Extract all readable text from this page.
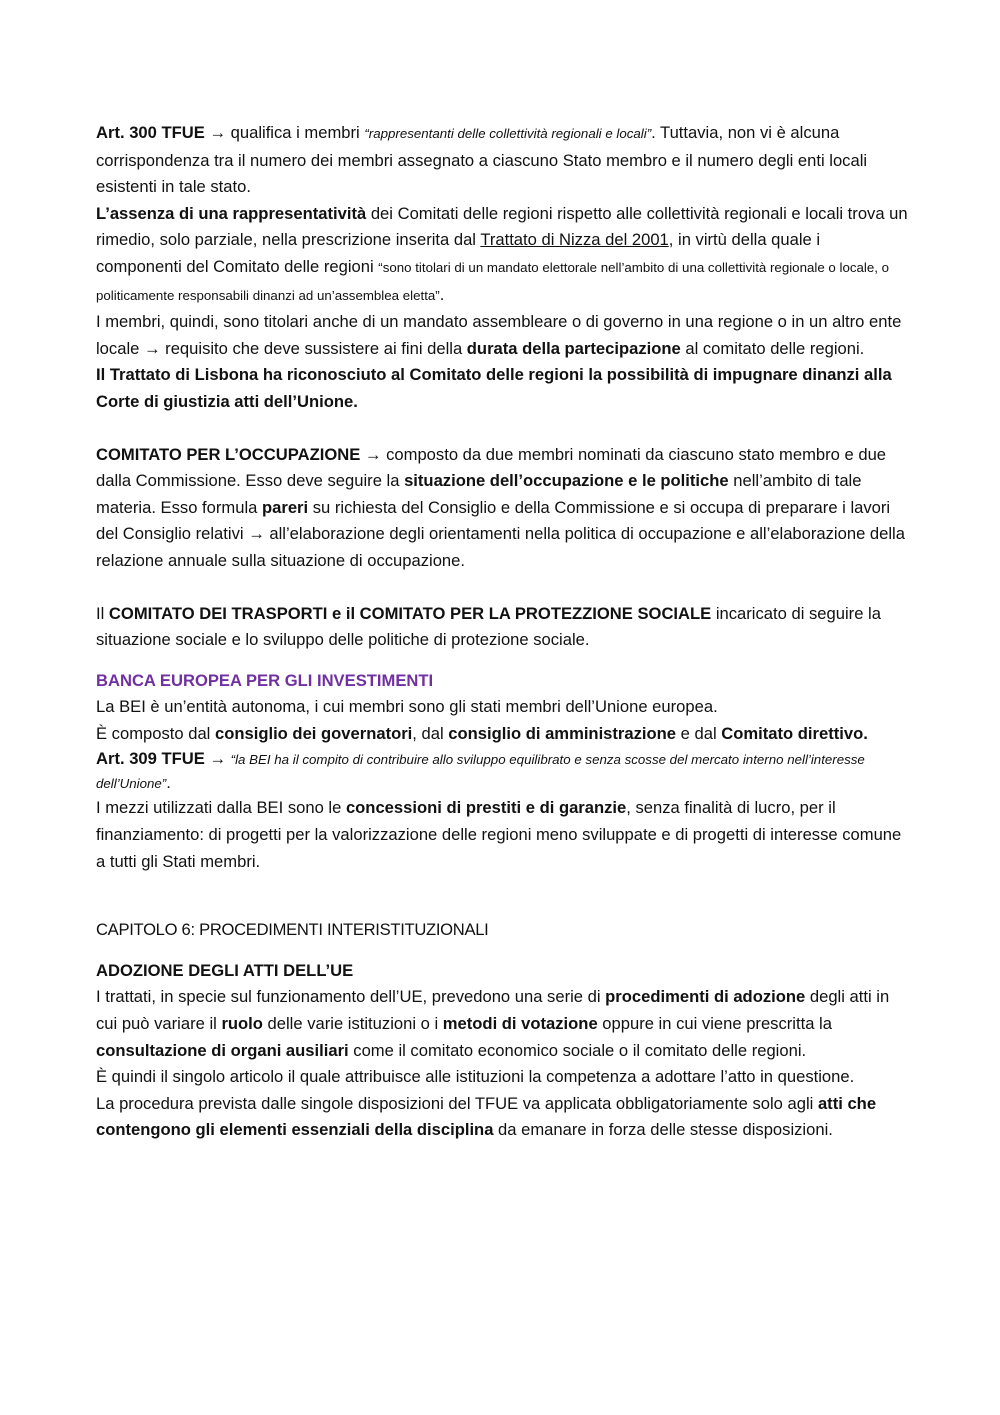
Art. 300 TFUE → qualifica i membri “rappresentanti delle collettività regionali e locali”. Tuttavia, non vi è alcuna corrispondenza tra il numero dei membri assegnato a ciascuno Stato membro e il numero degli enti locali esistenti in tale stato.

L’assenza di una rappresentatività dei Comitati delle regioni rispetto alle collettività regionali e locali trova un rimedio, solo parziale, nella prescrizione inserita dal Trattato di Nizza del 2001, in virtù della quale i componenti del Comitato delle regioni “sono titolari di un mandato elettorale nell’ambito di una collettività regionale o locale, o politicamente responsabili dinanzi ad un’assemblea eletta”.

I membri, quindi, sono titolari anche di un mandato assembleare o di governo in una regione o in un altro ente locale → requisito che deve sussistere ai fini della durata della partecipazione al comitato delle regioni.

Il Trattato di Lisbona ha riconosciuto al Comitato delle regioni la possibilità di impugnare dinanzi alla Corte di giustizia atti dell’Unione.

COMITATO PER L’OCCUPAZIONE → composto da due membri nominati da ciascuno stato membro e due dalla Commissione. Esso deve seguire la situazione dell’occupazione e le politiche nell’ambito di tale materia. Esso formula pareri su richiesta del Consiglio e della Commissione e si occupa di preparare i lavori del Consiglio relativi → all’elaborazione degli orientamenti nella politica di occupazione e all’elaborazione della relazione annuale sulla situazione di occupazione.

Il COMITATO DEI TRASPORTI e il COMITATO PER LA PROTEZZIONE SOCIALE incaricato di seguire la situazione sociale e lo sviluppo delle politiche di protezione sociale.

BANCA EUROPEA PER GLI INVESTIMENTI

La BEI è un’entità autonoma, i cui membri sono gli stati membri dell’Unione europea.

È composto dal consiglio dei governatori, dal consiglio di amministrazione e dal Comitato direttivo.

Art. 309 TFUE → “la BEI ha il compito di contribuire allo sviluppo equilibrato e senza scosse del mercato interno nell’interesse dell’Unione”.

I mezzi utilizzati dalla BEI sono le concessioni di prestiti e di garanzie, senza finalità di lucro, per il finanziamento: di progetti per la valorizzazione delle regioni meno sviluppate e di progetti di interesse comune a tutti gli Stati membri.

CAPITOLO 6: PROCEDIMENTI INTERISTITUZIONALI

ADOZIONE DEGLI ATTI DELL’UE

I trattati, in specie sul funzionamento dell’UE, prevedono una serie di procedimenti di adozione degli atti in cui può variare il ruolo delle varie istituzioni o i metodi di votazione oppure in cui viene prescritta la consultazione di organi ausiliari come il comitato economico sociale o il comitato delle regioni.

È quindi il singolo articolo il quale attribuisce alle istituzioni la competenza a adottare l’atto in questione.

La procedura prevista dalle singole disposizioni del TFUE va applicata obbligatoriamente solo agli atti che contengono gli elementi essenziali della disciplina da emanare in forza delle stesse disposizioni.
